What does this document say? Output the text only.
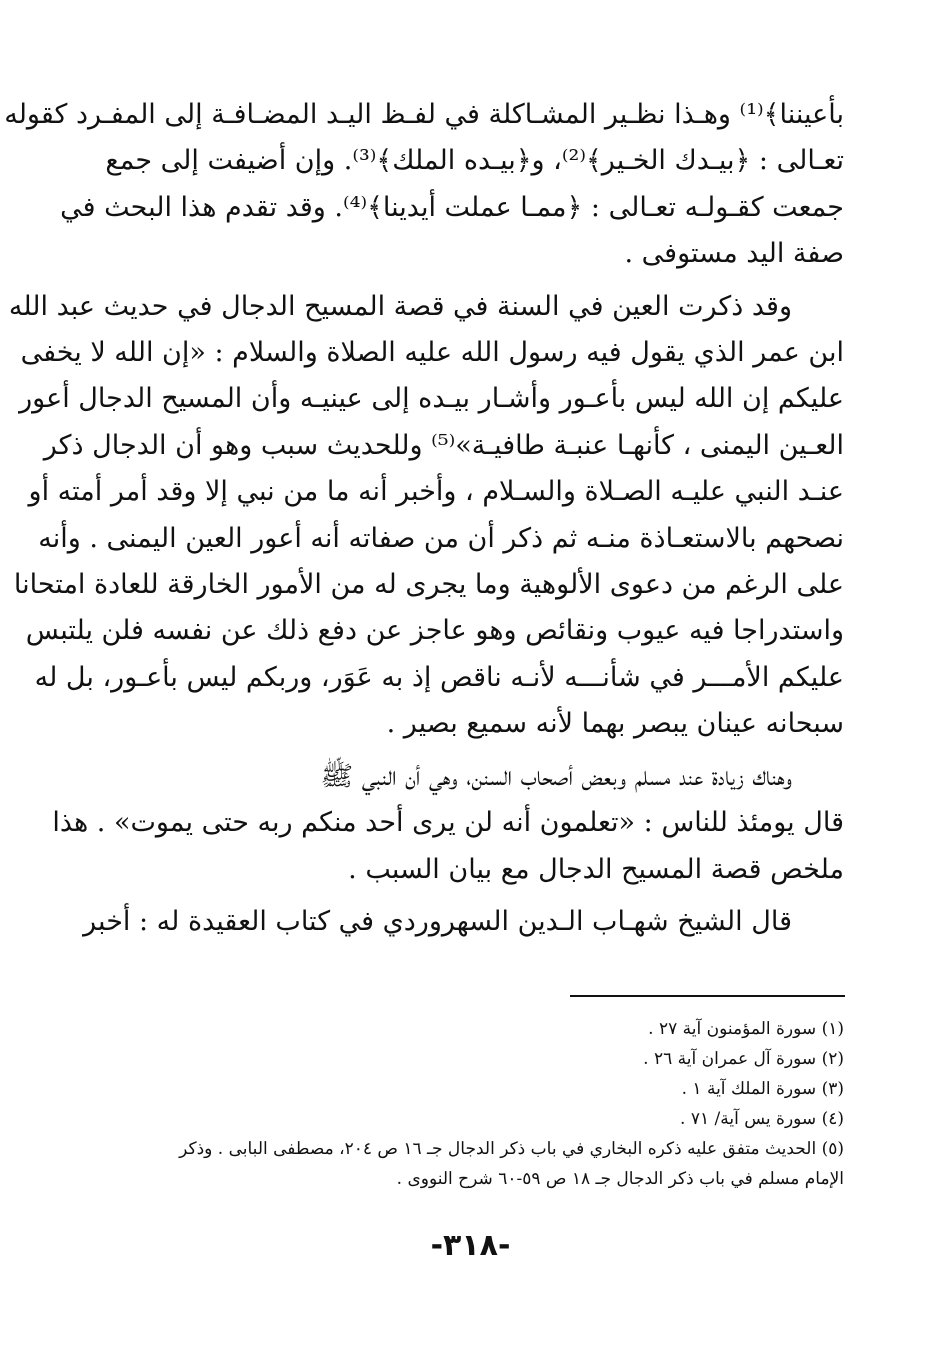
بأعيننا﴾⁽¹⁾ وهـذا نظـير المشـاكلة في لفـظ اليـد المضـافـة إلى المفـرد كقوله
تعـالى : ﴿بيـدك الخـير﴾⁽²⁾، و﴿بيـده الملك﴾⁽³⁾. وإن أضيفت إلى جمع
جمعت كقـولـه تعـالى : ﴿ممـا عملت أيدينا﴾⁽⁴⁾. وقد تقدم هذا البحث في
صفة اليد مستوفى .

وقد ذكرت العين في السنة في قصة المسيح الدجال في حديث عبد الله
ابن عمر الذي يقول فيه رسول الله عليه الصلاة والسلام : «إن الله لا يخفى
عليكم إن الله ليس بأعـور وأشـار بيـده إلى عينيـه وأن المسيح الدجال أعور
العـين اليمنى ، كأنهـا عنبـة طافيـة»⁽⁵⁾ وللحديث سبب وهو أن الدجال ذكر
عنـد النبي عليـه الصـلاة والسـلام ، وأخبر أنه ما من نبي إلا وقد أمر أمته أو
نصحهم بالاستعـاذة منـه ثم ذكر أن من صفاته أنه أعور العين اليمنى . وأنه
على الرغم من دعوى الألوهية وما يجرى له من الأمور الخارقة للعادة امتحانا
واستدراجا فيه عيوب ونقائص وهو عاجز عن دفع ذلك عن نفسه فلن يلتبس
عليكم الأمـــر في شأنـــه لأنـه ناقص إذ به عَوَر، وربكم ليس بأعـور، بل له
سبحانه عينان يبصر بهما لأنه سميع بصير .

وهناك زيادة عند مسلم وبعض أصحاب السنن، وهي أن النبي ﷺ
قال يومئذ للناس : «تعلمون أنه لن يرى أحد منكم ربه حتى يموت» . هذا
ملخص قصة المسيح الدجال مع بيان السبب .

قال الشيخ شهـاب الـدين السهروردي في كتاب العقيدة له : أخبر

(١) سورة المؤمنون آية ٢٧ .
(٢) سورة آل عمران آية ٢٦ .
(٣) سورة الملك آية ١ .
(٤) سورة يس آية/ ٧١ .
(٥) الحديث متفق عليه ذكره البخاري في باب ذكر الدجال جـ ١٦ ص ٢٠٤، مصطفى البابى . وذكر
الإمام مسلم في باب ذكر الدجال جـ ١٨ ص ٥٩-٦٠ شرح النووى .
-٣١٨-
